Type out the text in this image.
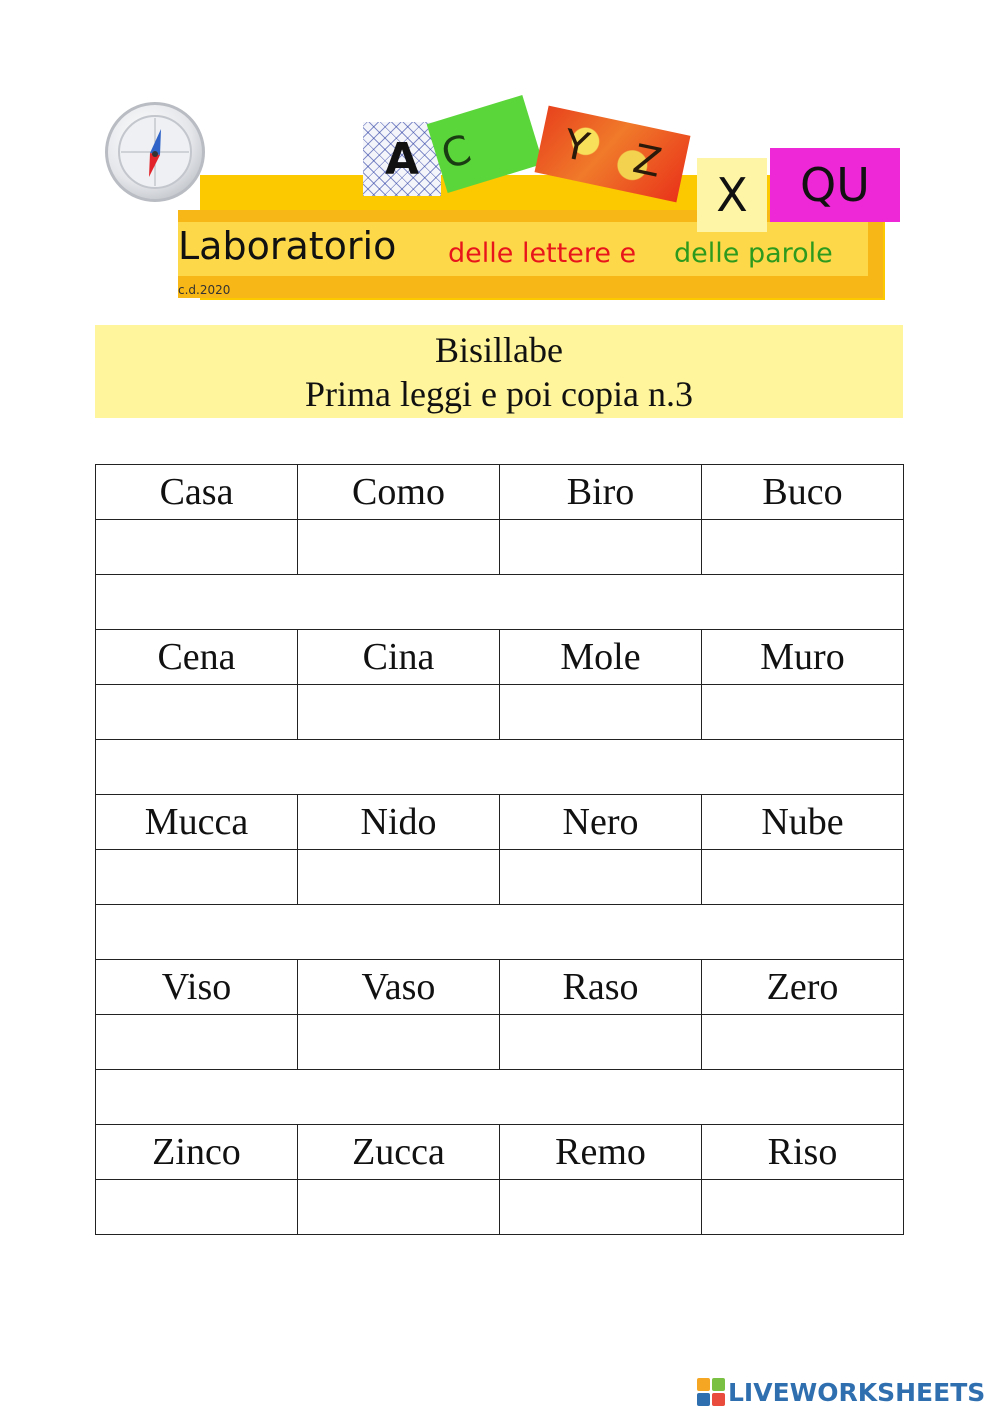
A C Y Z
X QU
Laboratorio delle lettere e delle parole
c.d.2020
Bisillabe
Prima leggi e poi copia n.3
Casa	Como	Biro	Buco

Cena	Cina	Mole	Muro

Mucca	Nido	Nero	Nube

Viso	Vaso	Raso	Zero

Zinco	Zucca	Remo	Riso

LIVEWORKSHEETS
